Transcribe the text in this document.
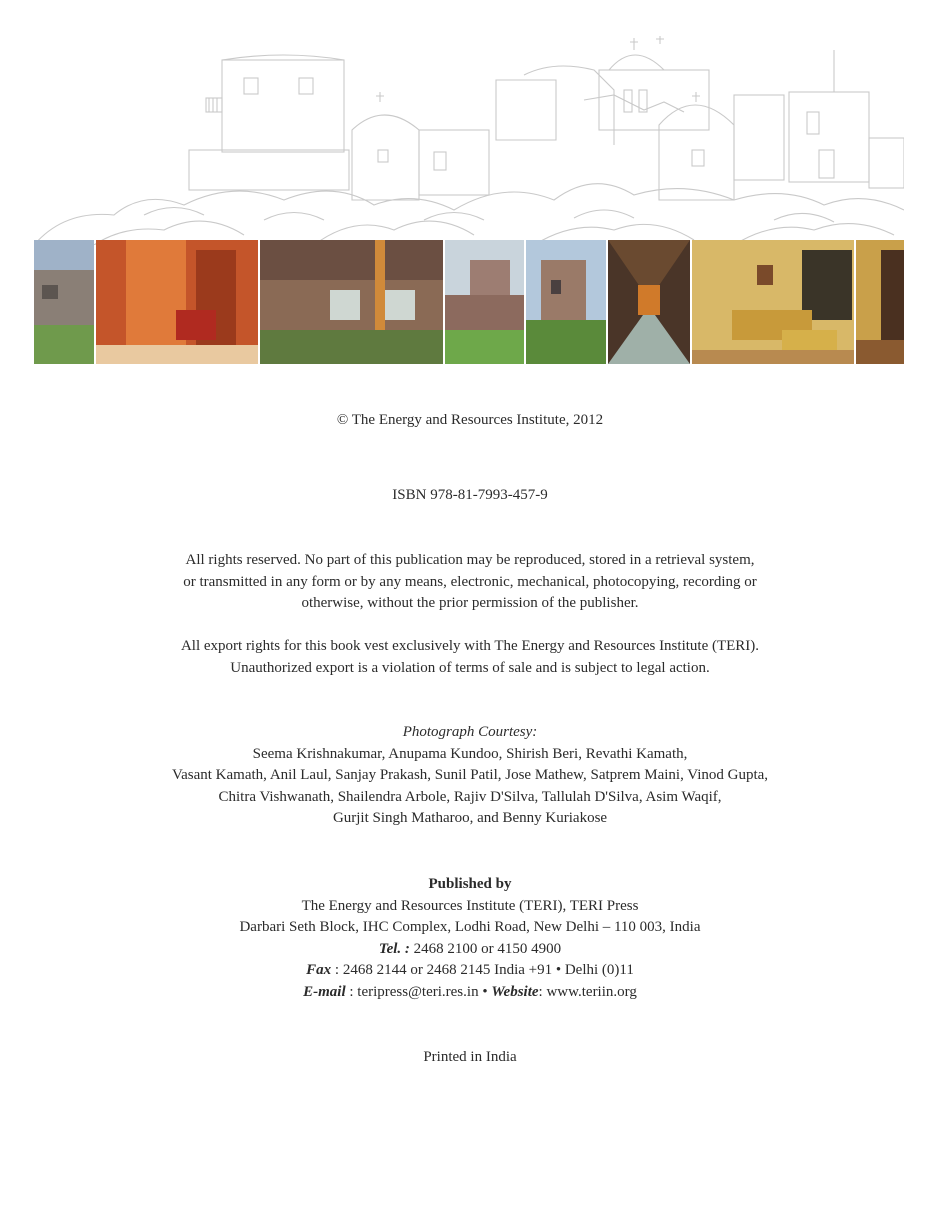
© The Energy and Resources Institute, 2012
ISBN 978-81-7993-457-9
All rights reserved. No part of this publication may be reproduced, stored in a retrieval system,
or transmitted in any form or by any means, electronic, mechanical, photocopying, recording or
otherwise, without the prior permission of the publisher.
All export rights for this book vest exclusively with The Energy and Resources Institute (TERI).
Unauthorized export is a violation of terms of sale and is subject to legal action.
Photograph Courtesy:
Seema Krishnakumar, Anupama Kundoo, Shirish Beri, Revathi Kamath,
Vasant Kamath, Anil Laul, Sanjay Prakash, Sunil Patil, Jose Mathew, Satprem Maini, Vinod Gupta,
Chitra Vishwanath, Shailendra Arbole, Rajiv D'Silva, Tallulah D'Silva, Asim Waqif,
Gurjit Singh Matharoo, and Benny Kuriakose
Published by
The Energy and Resources Institute (TERI), TERI Press
Darbari Seth Block, IHC Complex, Lodhi Road, New Delhi – 110 003, India
Tel. : 2468 2100 or 4150 4900
Fax : 2468 2144 or 2468 2145 India +91 • Delhi (0)11
E-mail : teripress@teri.res.in • Website: www.teriin.org
Printed in India
